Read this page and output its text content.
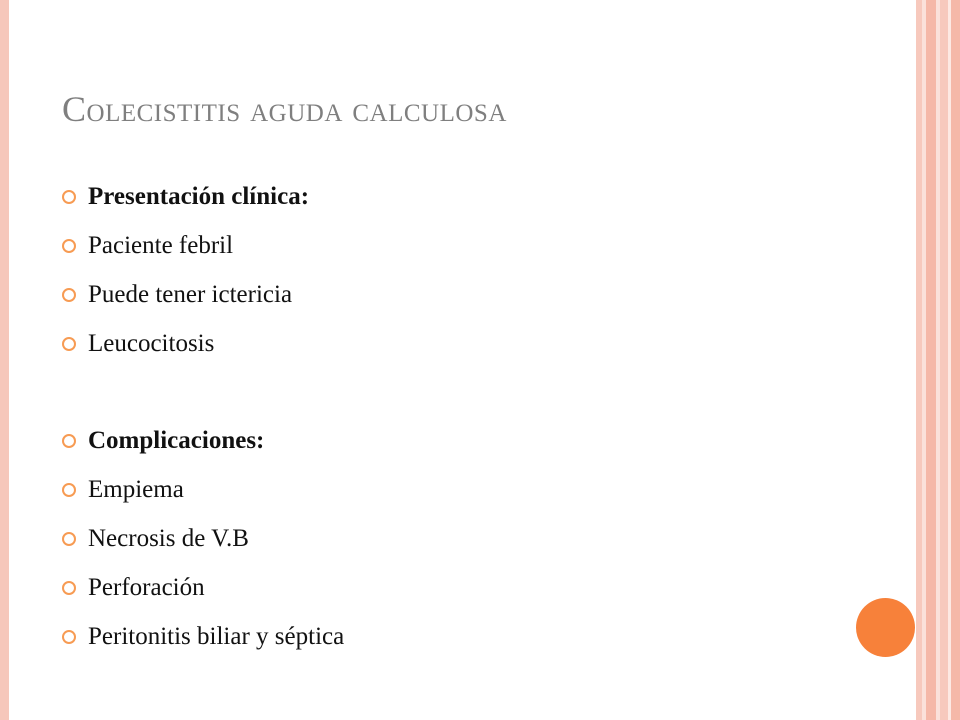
Colecistitis aguda calculosa
Presentación clínica:
Paciente febril
Puede tener ictericia
Leucocitosis
Complicaciones:
Empiema
Necrosis de V.B
Perforación
Peritonitis biliar y séptica
